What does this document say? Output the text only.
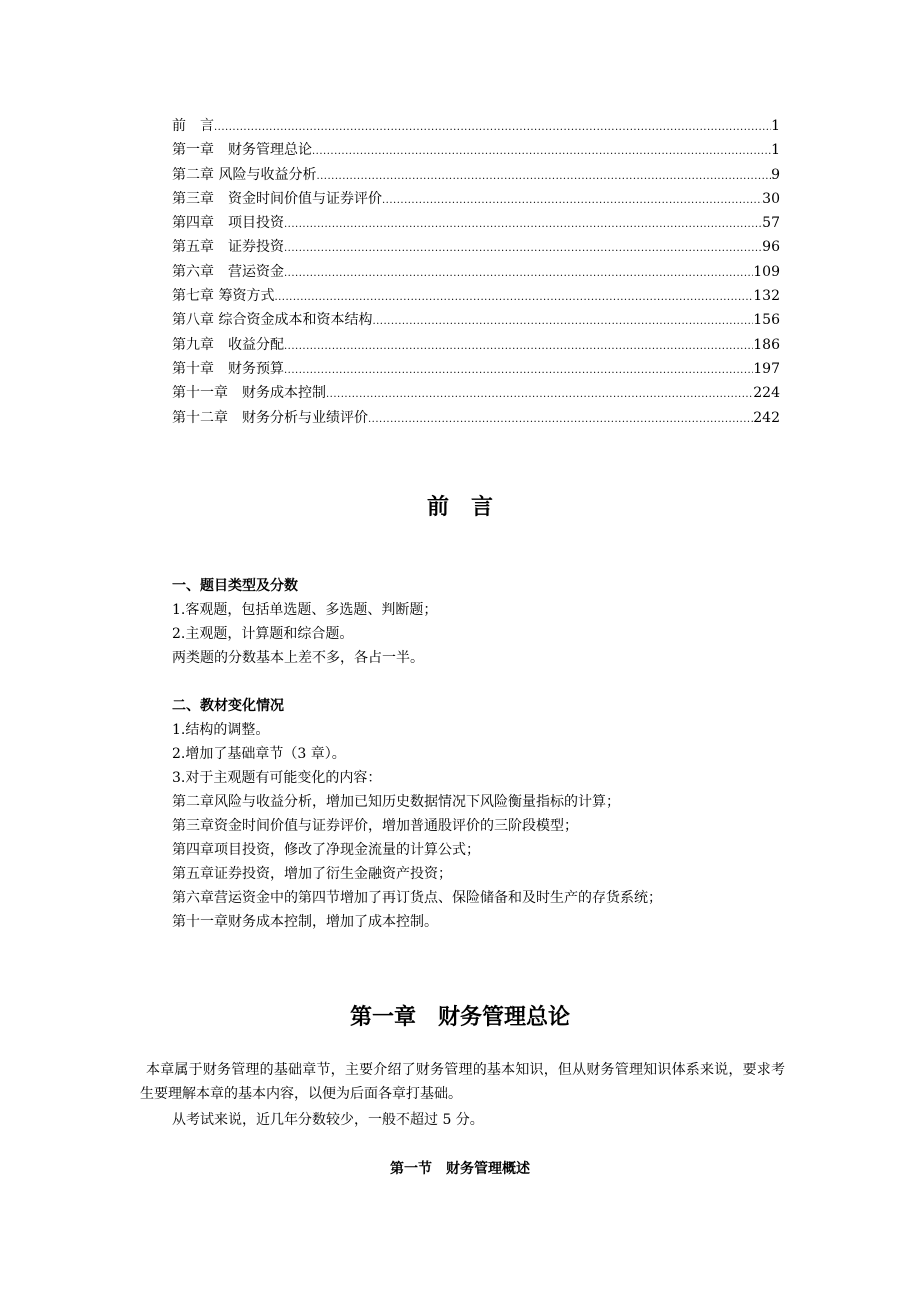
前　言 .....	1
第一章　财务管理总论 .....	1
第二章 风险与收益分析 .....	9
第三章　资金时间价值与证券评价 .....	30
第四章　项目投资 .....	57
第五章　证券投资 .....	96
第六章　营运资金 .....	109
第七章 筹资方式 .....	132
第八章 综合资金成本和资本结构 .....	156
第九章　收益分配 .....	186
第十章　财务预算 .....	197
第十一章　财务成本控制 .....	224
第十二章　财务分析与业绩评价 .....	242
前　言
一、题目类型及分数
1.客观题，包括单选题、多选题、判断题；
2.主观题，计算题和综合题。
两类题的分数基本上差不多，各占一半。
二、教材变化情况
1.结构的调整。
2.增加了基础章节（3 章）。
3.对于主观题有可能变化的内容：
第二章风险与收益分析，增加已知历史数据情况下风险衡量指标的计算；
第三章资金时间价值与证券评价，增加普通股评价的三阶段模型；
第四章项目投资，修改了净现金流量的计算公式；
第五章证券投资，增加了衍生金融资产投资；
第六章营运资金中的第四节增加了再订货点、保险储备和及时生产的存货系统；
第十一章财务成本控制，增加了成本控制。
第一章　财务管理总论
本章属于财务管理的基础章节，主要介绍了财务管理的基本知识，但从财务管理知识体系来说，要求考生要理解本章的基本内容，以便为后面各章打基础。
从考试来说，近几年分数较少，一般不超过 5 分。
第一节　财务管理概述
